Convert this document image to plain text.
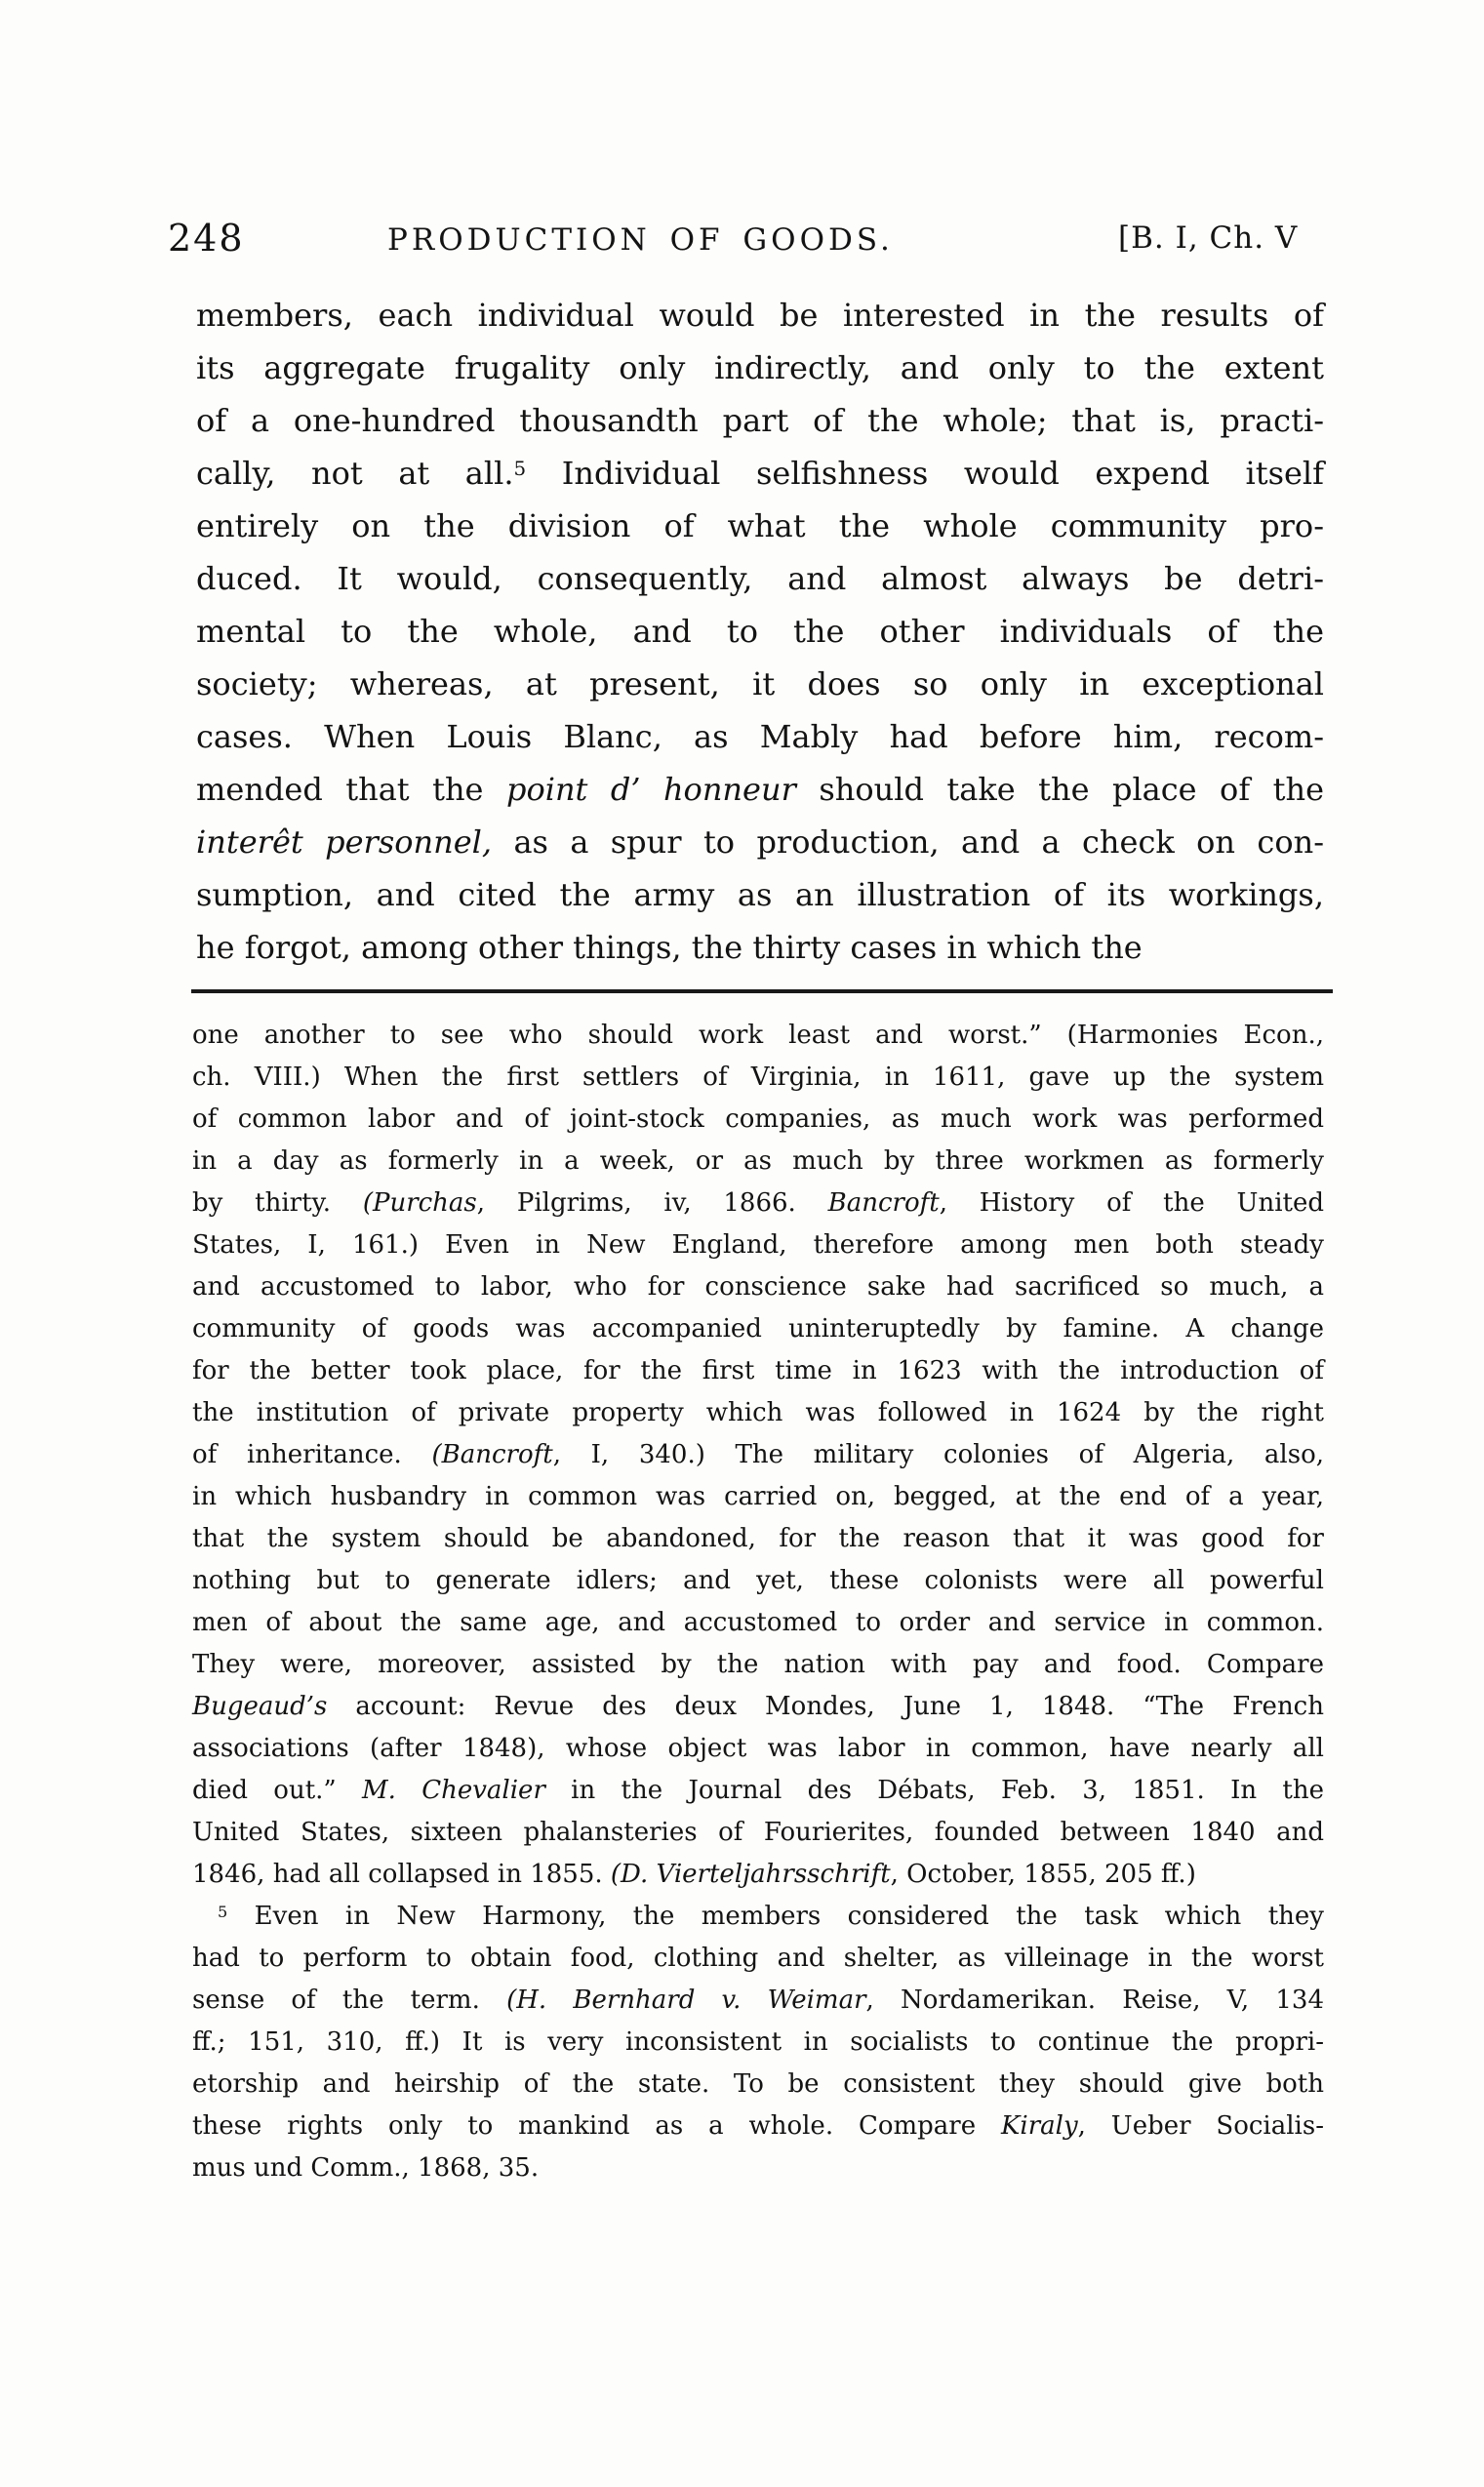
248	PRODUCTION OF GOODS.	[B. I, Ch. V
members, each individual would be interested in the results of
its aggregate frugality only indirectly, and only to the extent
of a one-hundred thousandth part of the whole; that is, practi-
cally, not at all.$^5$ Individual selfishness would expend itself
entirely on the division of what the whole community pro-
duced. It would, consequently, and almost always be detri-
mental to the whole, and to the other individuals of the
society; whereas, at present, it does so only in exceptional
cases. When Louis Blanc, as Mably had before him, recom-
mended that the point d’ honneur should take the place of the
interêt personnel, as a spur to production, and a check on con-
sumption, and cited the army as an illustration of its workings,
he forgot, among other things, the thirty cases in which the
one another to see who should work least and worst.” (Harmonies Econ.,
ch. VIII.) When the first settlers of Virginia, in 1611, gave up the system
of common labor and of joint-stock companies, as much work was performed
in a day as formerly in a week, or as much by three workmen as formerly
by thirty. (Purchas, Pilgrims, iv, 1866. Bancroft, History of the United
States, I, 161.) Even in New England, therefore among men both steady
and accustomed to labor, who for conscience sake had sacrificed so much, a
community of goods was accompanied uninteruptedly by famine. A change
for the better took place, for the first time in 1623 with the introduction of
the institution of private property which was followed in 1624 by the right
of inheritance. (Bancroft, I, 340.) The military colonies of Algeria, also,
in which husbandry in common was carried on, begged, at the end of a year,
that the system should be abandoned, for the reason that it was good for
nothing but to generate idlers; and yet, these colonists were all powerful
men of about the same age, and accustomed to order and service in common.
They were, moreover, assisted by the nation with pay and food. Compare
Bugeaud’s account: Revue des deux Mondes, June 1, 1848. “The French
associations (after 1848), whose object was labor in common, have nearly all
died out.” M. Chevalier in the Journal des Débats, Feb. 3, 1851. In the
United States, sixteen phalansteries of Fourierites, founded between 1840 and
1846, had all collapsed in 1855. (D. Vierteljahrsschrift, October, 1855, 205 ff.)
 $^5$ Even in New Harmony, the members considered the task which they
had to perform to obtain food, clothing and shelter, as villeinage in the worst
sense of the term. (H. Bernhard v. Weimar, Nordamerikan. Reise, V, 134
ff.; 151, 310, ff.) It is very inconsistent in socialists to continue the propri-
etorship and heirship of the state. To be consistent they should give both
these rights only to mankind as a whole. Compare Kiraly, Ueber Socialis-
mus und Comm., 1868, 35.
